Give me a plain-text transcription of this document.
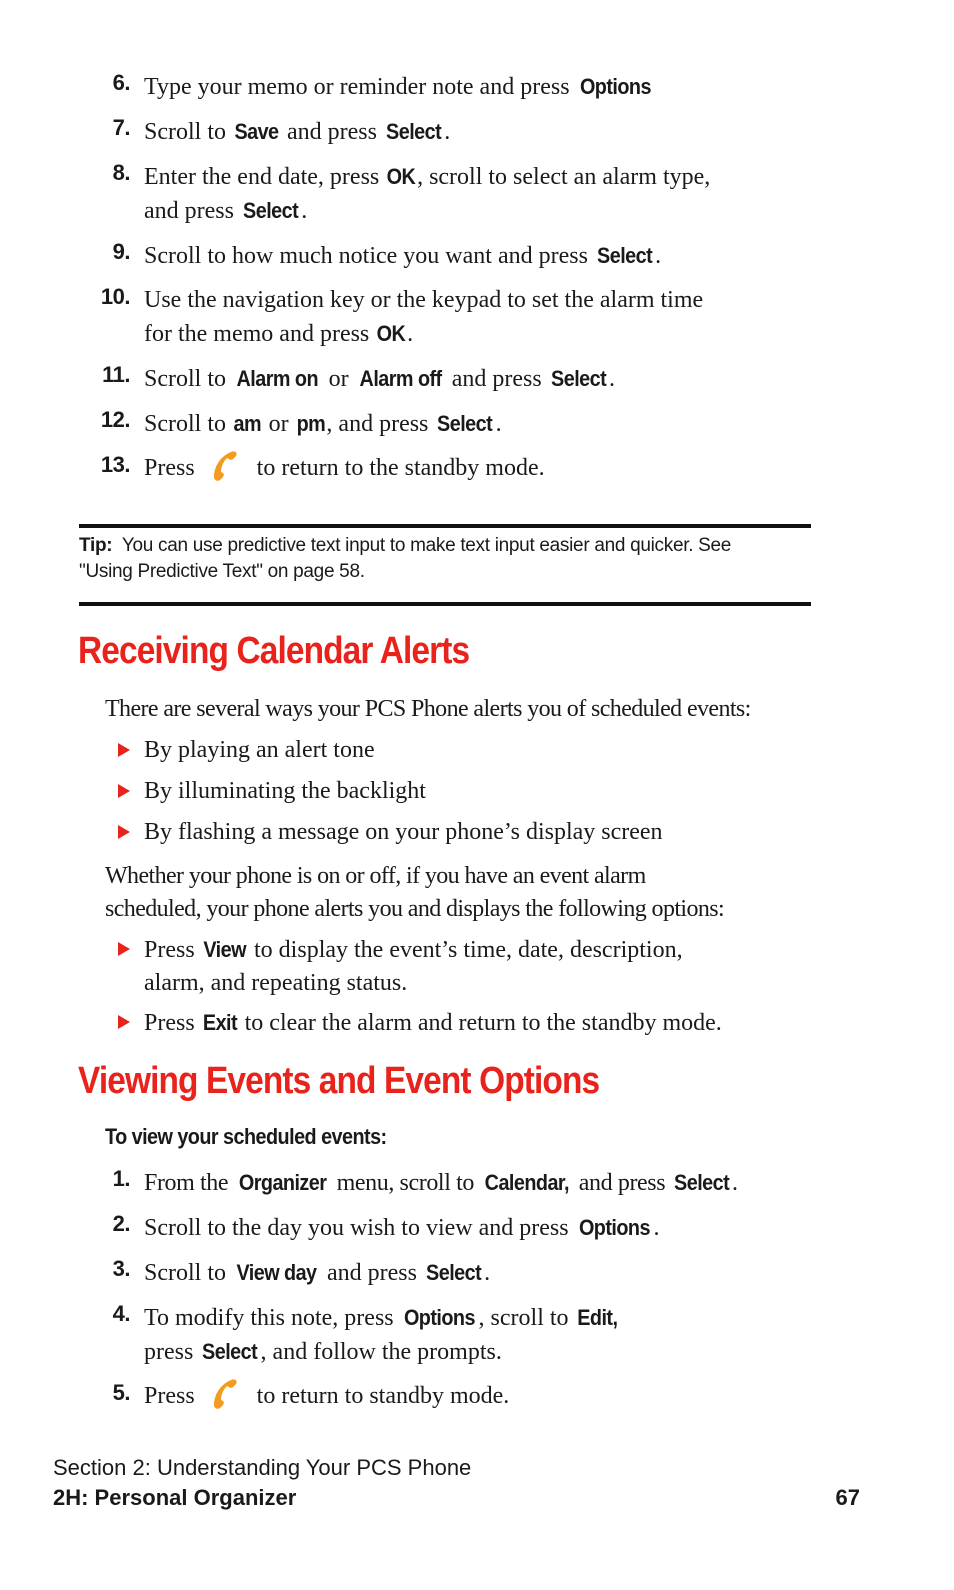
6. Type your memo or reminder note and press Options
7. Scroll to Save and press Select .
8. Enter the end date, press OK, scroll to select an alarm type,
and press Select .
9. Scroll to how much notice you want and press Select .
10. Use the navigation key or the keypad to set the alarm time
for the memo and press OK.
11. Scroll to Alarm on or Alarm off and press Select .
12. Scroll to am or pm, and press Select .
13. Press	to return to the standby mode.
Tip: You can use predictive text input to make text input easier and quicker. See "Using Predictive Text" on page 58.
Receiving Calendar Alerts
There are several ways your PCS Phone alerts you of scheduled events:
By playing an alert tone
By illuminating the backlight
By flashing a message on your phone’s display screen
Whether your phone is on or off, if you have an event alarm
scheduled, your phone alerts you and displays the following options:
Press View to display the event’s time, date, description,
alarm, and repeating status.
Press Exit to clear the alarm and return to the standby mode.
Viewing Events and Event Options
To view your scheduled events:
1. From the Organizer menu, scroll to Calendar, and press Select .
2. Scroll to the day you wish to view and press Options .
3. Scroll to View day and press Select .
4. To modify this note, press Options , scroll to Edit,
press Select , and follow the prompts.
5. Press	to return to standby mode.
Section 2: Understanding Your PCS Phone
2H: Personal Organizer	67
